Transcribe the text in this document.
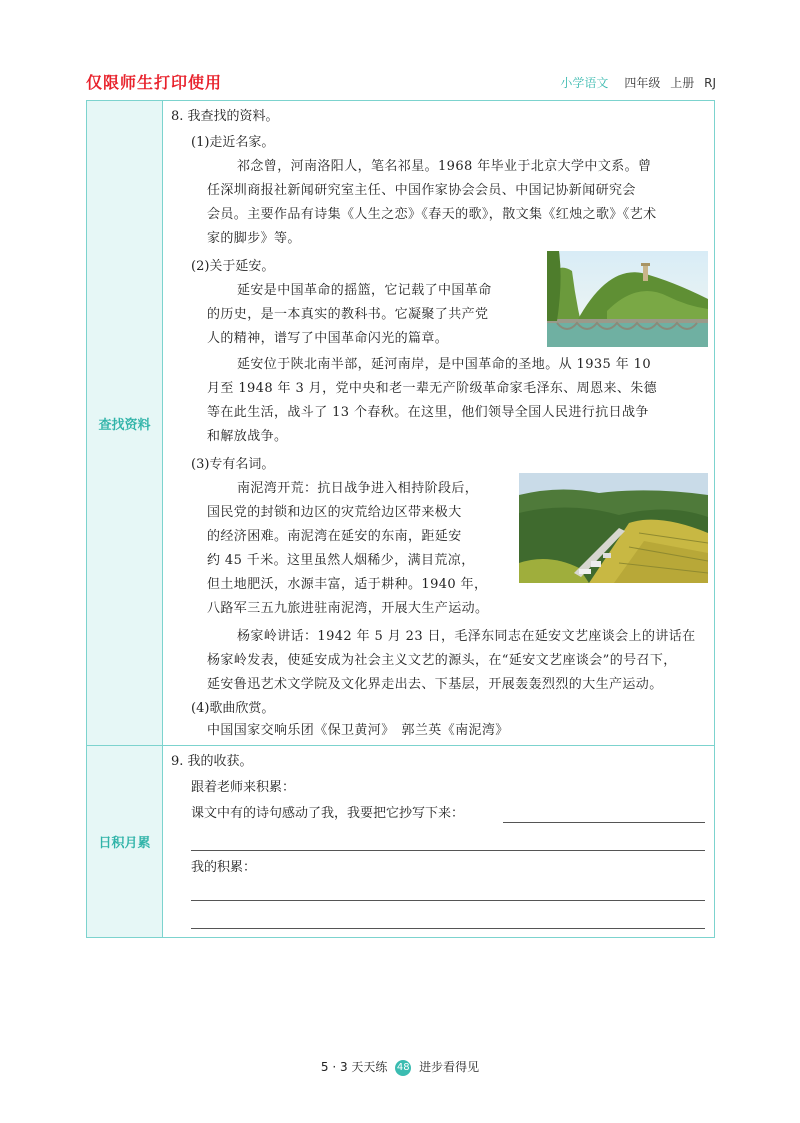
仅限师生打印使用	小学语文 四年级 上册 RJ
查找资料
8. 我查找的资料。
(1)走近名家。
祁念曾，河南洛阳人，笔名祁星。1968 年毕业于北京大学中文系。曾
任深圳商报社新闻研究室主任、中国作家协会会员、中国记协新闻研究会
会员。主要作品有诗集《人生之恋》《春天的歌》，散文集《红烛之歌》《艺术
家的脚步》等。
(2)关于延安。
延安是中国革命的摇篮，它记载了中国革命
的历史，是一本真实的教科书。它凝聚了共产党
人的精神，谱写了中国革命闪光的篇章。
延安位于陕北南半部，延河南岸，是中国革命的圣地。从 1935 年 10
月至 1948 年 3 月，党中央和老一辈无产阶级革命家毛泽东、周恩来、朱德
等在此生活，战斗了 13 个春秋。在这里，他们领导全国人民进行抗日战争
和解放战争。
(3)专有名词。
南泥湾开荒：抗日战争进入相持阶段后，
国民党的封锁和边区的灾荒给边区带来极大
的经济困难。南泥湾在延安的东南，距延安
约 45 千米。这里虽然人烟稀少，满目荒凉，
但土地肥沃，水源丰富，适于耕种。1940 年，
八路军三五九旅进驻南泥湾，开展大生产运动。
杨家岭讲话：1942 年 5 月 23 日，毛泽东同志在延安文艺座谈会上的讲话在
杨家岭发表，使延安成为社会主义文艺的源头，在“延安文艺座谈会”的号召下，
延安鲁迅艺术文学院及文化界走出去、下基层，开展轰轰烈烈的大生产运动。
(4)歌曲欣赏。
中国国家交响乐团《保卫黄河》　郭兰英《南泥湾》
日积月累
9. 我的收获。
跟着老师来积累：
课文中有的诗句感动了我，我要把它抄写下来：
我的积累：
5 · 3 天天练 48 进步看得见
